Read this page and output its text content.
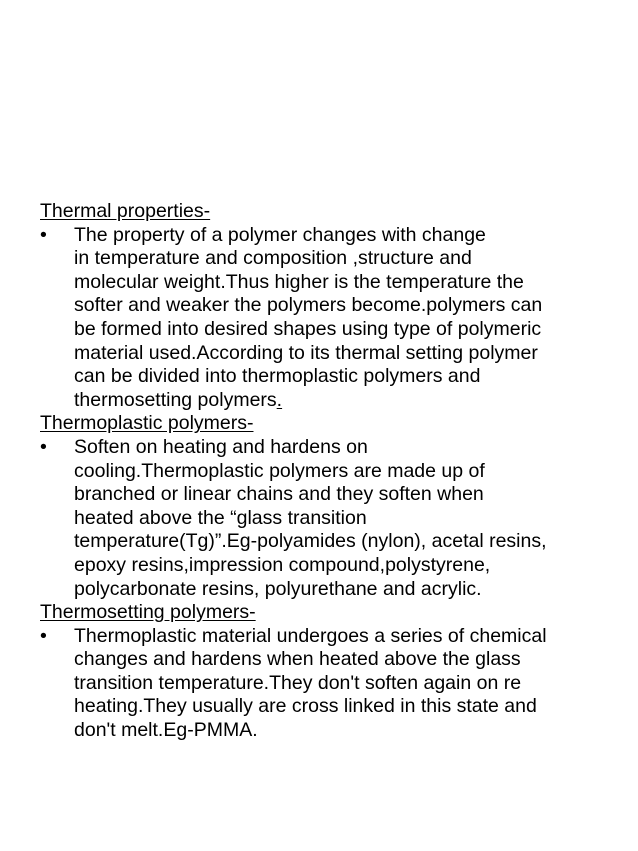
Thermal properties-
•	The property of a polymer changes with change
in temperature and composition ,structure and
molecular weight.Thus higher is the temperature the
softer and weaker the polymers become.polymers can
be formed into desired shapes using type of polymeric
material used.According to its thermal setting polymer
can be divided into thermoplastic polymers and
thermosetting polymers.
Thermoplastic polymers-
•	Soften on heating and hardens on
cooling.Thermoplastic polymers are made up of
branched or linear chains and they soften when
heated above the “glass transition
temperature(Tg)”.Eg-polyamides (nylon), acetal resins,
epoxy resins,impression compound,polystyrene,
polycarbonate resins, polyurethane and acrylic.
Thermosetting polymers-
•	Thermoplastic material undergoes a series of chemical
changes and hardens when heated above the glass
transition temperature.They don't soften again on re
heating.They usually are cross linked in this state and
don't melt.Eg-PMMA.
